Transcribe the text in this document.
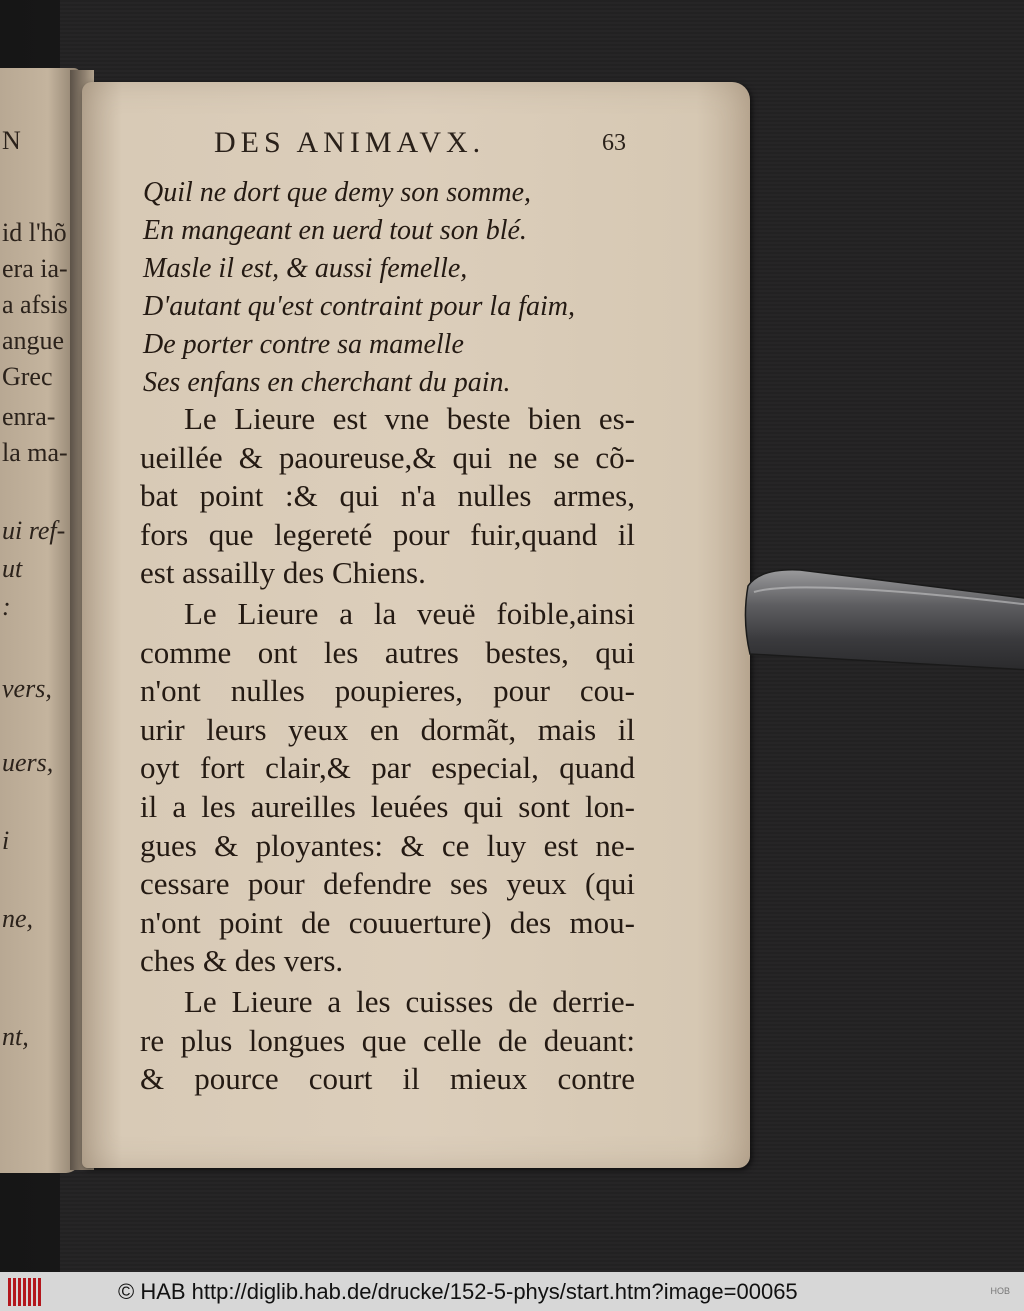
N
id l'hõ
era ia-
a afsis
angue
Grec
enra-
la ma-
ui ref-
ut
:
vers,
uers,
i
ne,
nt,
DES ANIMAVX.	63
Quil ne dort que demy son somme,
En mangeant en uerd tout son blé.
Masle il est, & aussi femelle,
D'autant qu'est contraint pour la faim,
De porter contre sa mamelle
Ses enfans en cherchant du pain.
Le Lieure est vne beste bien es-
ueillée & paoureuse,& qui ne se cõ-
bat point :& qui n'a nulles armes,
fors que legereté pour fuir,quand il
est assailly des Chiens.
Le Lieure a la veuë foible,ainsi
comme ont les autres bestes, qui
n'ont nulles poupieres, pour cou-
urir leurs yeux en dormãt, mais il
oyt fort clair,& par especial, quand
il a les aureilles leuées qui sont lon-
gues & ployantes: & ce luy est ne-
cessare pour defendre ses yeux (qui
n'ont point de couuerture) des mou-
ches & des vers.
Le Lieure a les cuisses de derrie-
re plus longues que celle de deuant:
& pource court il mieux contre
© HAB http://diglib.hab.de/drucke/152-5-phys/start.htm?image=00065	HOB
